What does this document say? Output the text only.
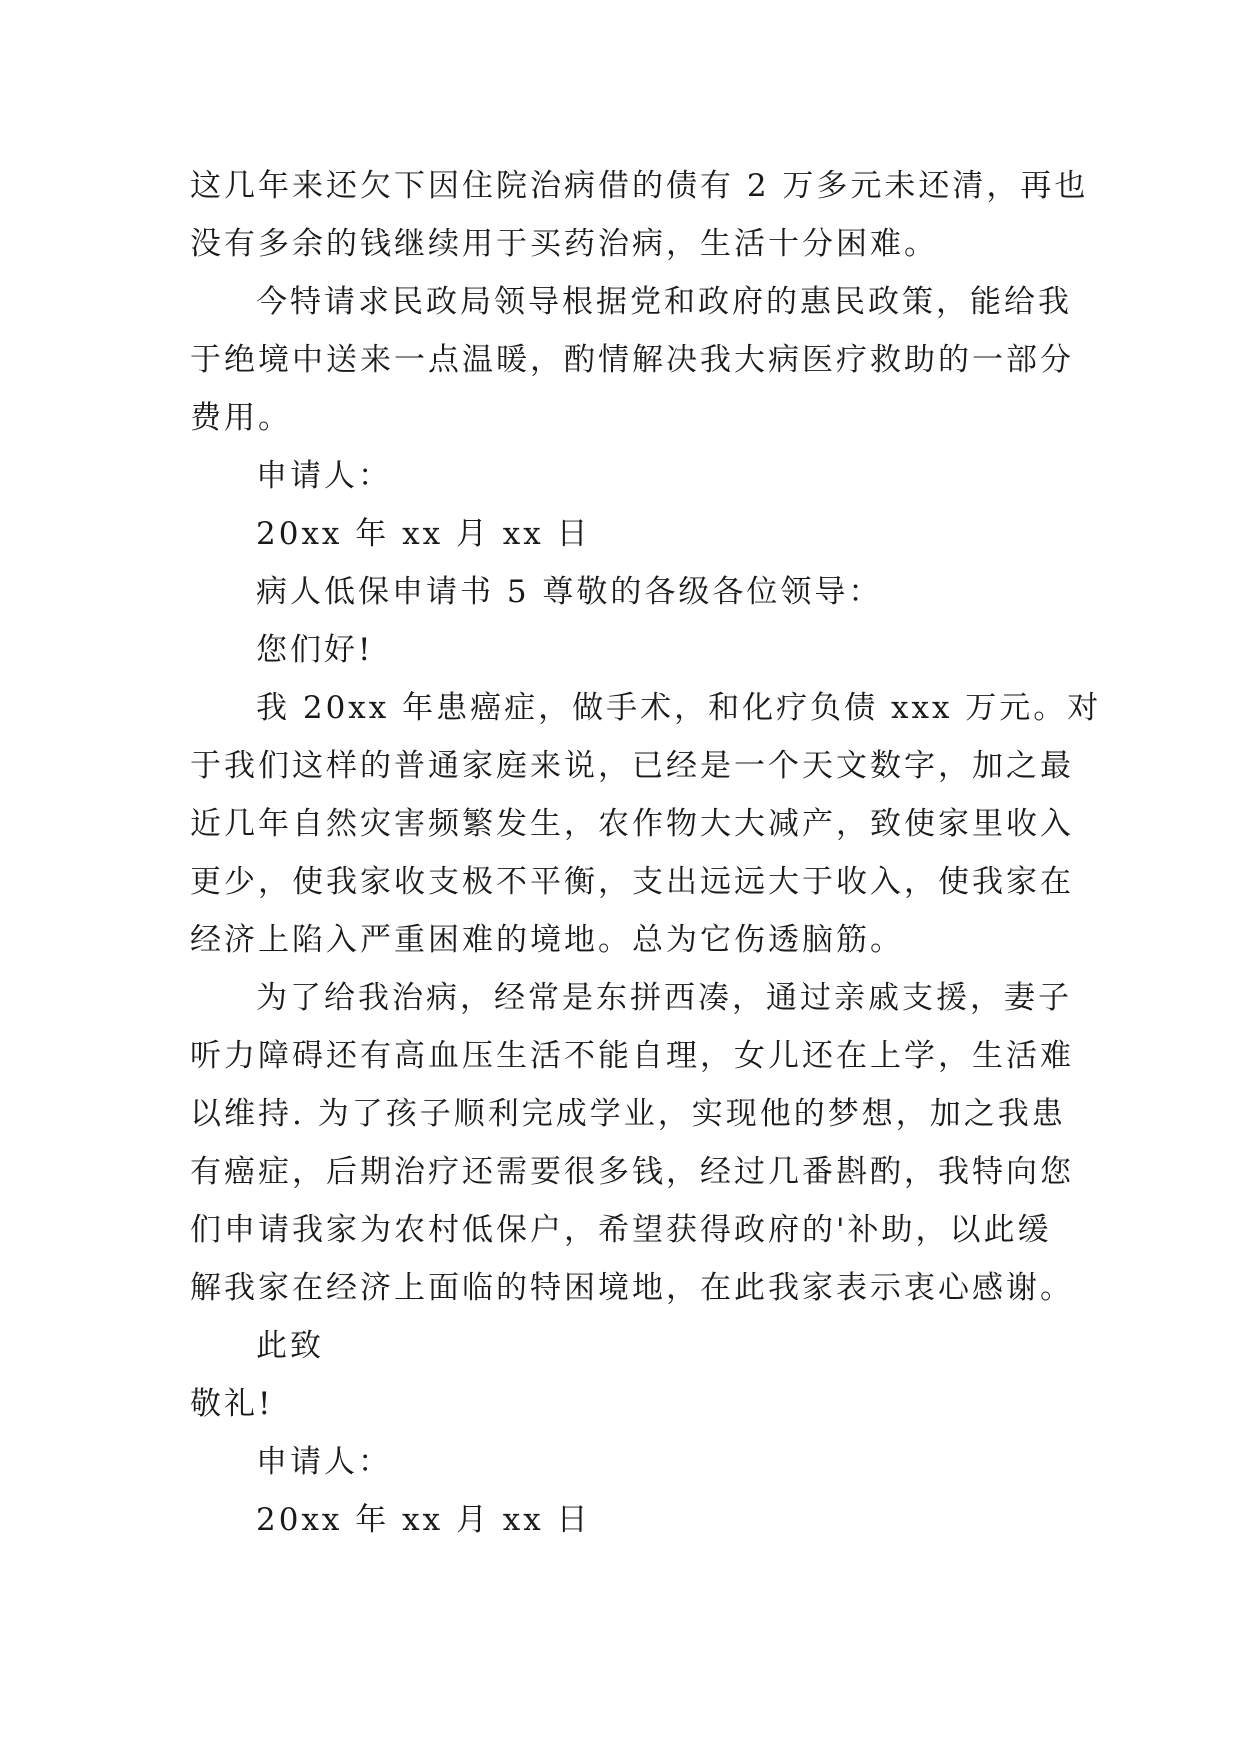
这几年来还欠下因住院治病借的债有 2 万多元未还清，再也
没有多余的钱继续用于买药治病，生活十分困难。
今特请求民政局领导根据党和政府的惠民政策，能给我
于绝境中送来一点温暖，酌情解决我大病医疗救助的一部分
费用。
申请人：
20xx 年 xx 月 xx 日
病人低保申请书 5 尊敬的各级各位领导：
您们好!
我 20xx 年患癌症，做手术，和化疗负债 xxx 万元。对
于我们这样的普通家庭来说，已经是一个天文数字，加之最
近几年自然灾害频繁发生，农作物大大减产，致使家里收入
更少，使我家收支极不平衡，支出远远大于收入，使我家在
经济上陷入严重困难的境地。总为它伤透脑筋。
为了给我治病，经常是东拼西凑，通过亲戚支援，妻子
听力障碍还有高血压生活不能自理，女儿还在上学，生活难
以维持. 为了孩子顺利完成学业，实现他的梦想，加之我患
有癌症，后期治疗还需要很多钱，经过几番斟酌，我特向您
们申请我家为农村低保户，希望获得政府的'补助，以此缓
解我家在经济上面临的特困境地，在此我家表示衷心感谢。
此致
敬礼!
申请人：
20xx 年 xx 月 xx 日
